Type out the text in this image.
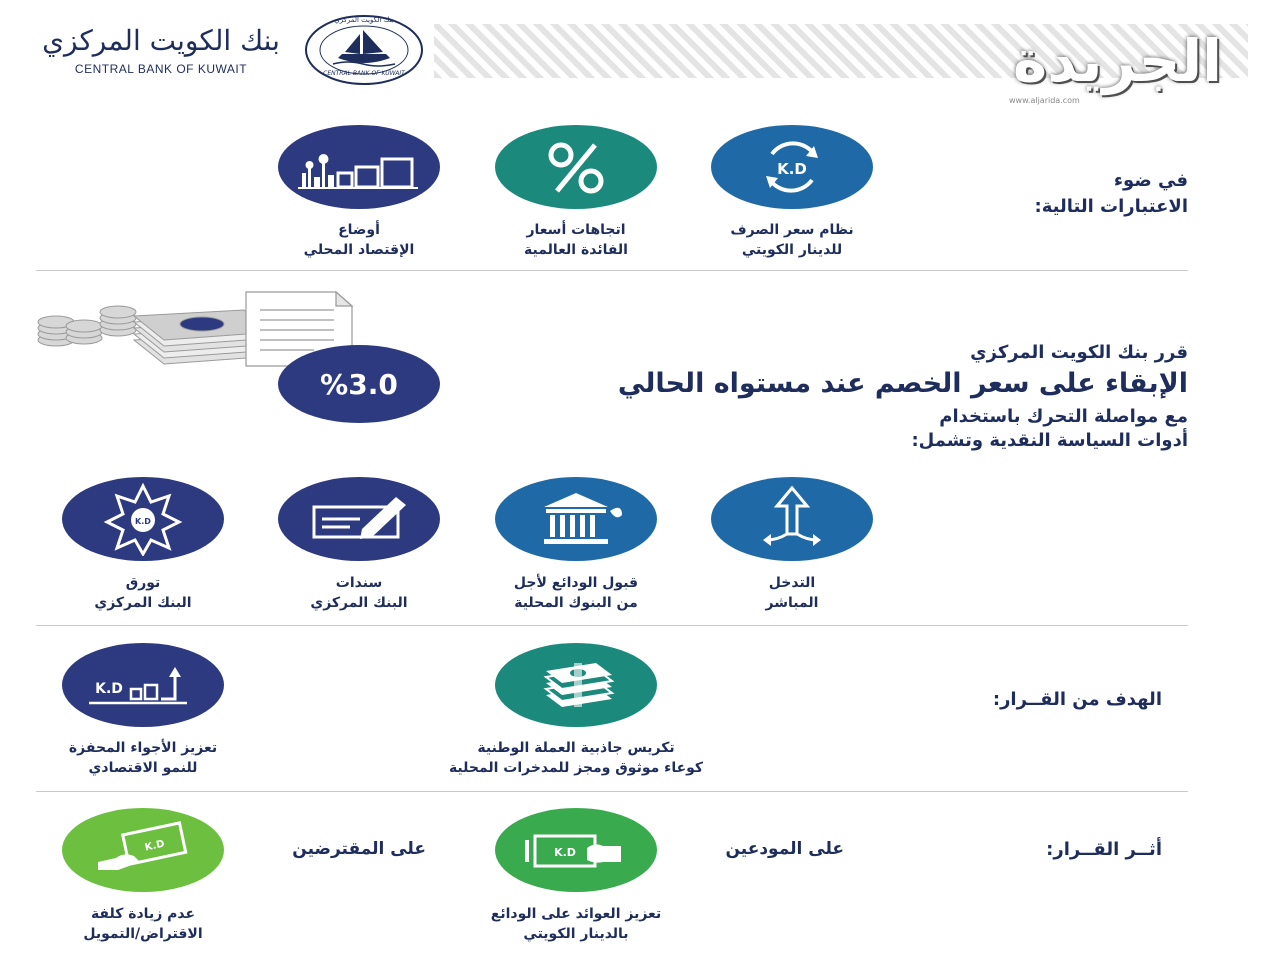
بنك الكويت المركزي
CENTRAL BANK OF KUWAIT	CENTRAL BANK OF KUWAIT
بنك الكويت المركزي
الجريدة
www.aljarida.com
K.D
نظام سعر الصرف
للدينار الكويتي
اتجاهات أسعار
الفائدة العالمية
أوضاع
الإقتصاد المحلي
في ضوء
الاعتبارات التالية:
%3.0
قرر بنك الكويت المركزي
الإبقاء على سعر الخصم عند مستواه الحالي
مع مواصلة التحرك باستخدام
أدوات السياسة النقدية وتشمل:
التدخل
المباشر
قبول الودائع لأجل
من البنوك المحلية
سندات
البنك المركزي
K.D
تورق
البنك المركزي
الهدف من القــرار:
تكريس جاذبية العملة الوطنية
كوعاء موثوق ومجز للمدخرات المحلية
K.D
تعزيز الأجواء المحفزة
للنمو الاقتصادي
أثــر القــرار:
على المودعين
K.D
تعزيز العوائد على الودائع
بالدينار الكويتي
على المقترضين
K.D
عدم زيادة كلفة
الاقتراض/التمويل
